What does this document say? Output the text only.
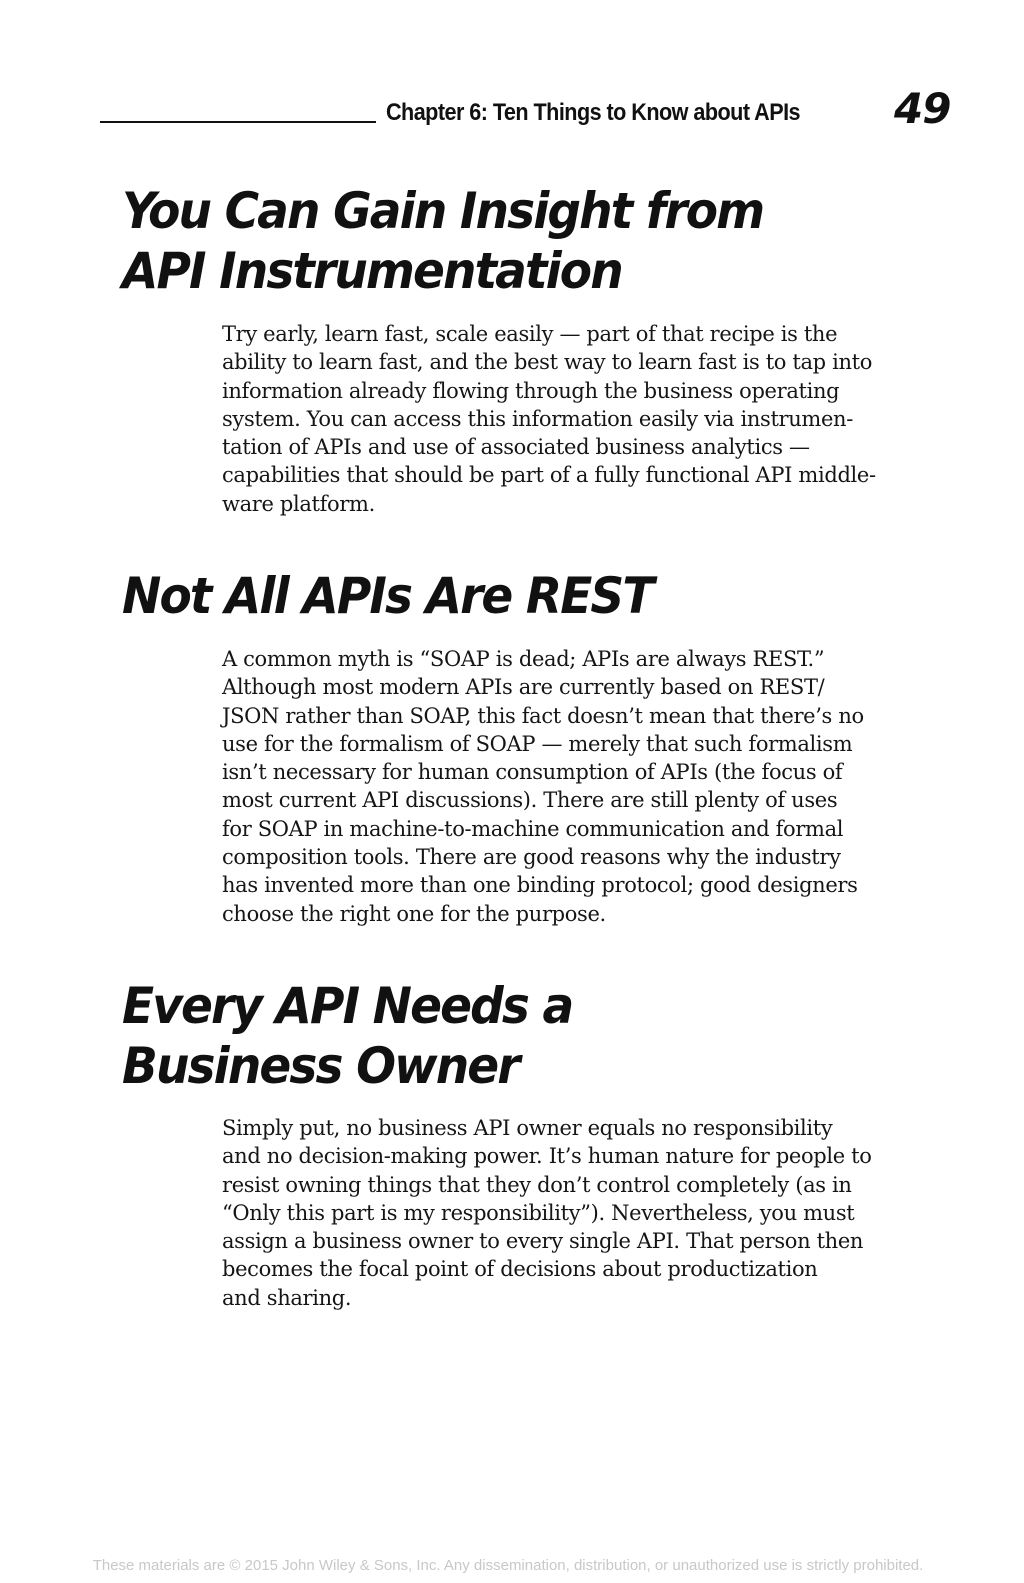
Chapter 6: Ten Things to Know about APIs 49
You Can Gain Insight from
API Instrumentation
Try early, learn fast, scale easily — part of that recipe is the
ability to learn fast, and the best way to learn fast is to tap into
information already flowing through the business operating
system. You can access this information easily via instrumen-
tation of APIs and use of associated business analytics —
capabilities that should be part of a fully functional API middle-
ware platform.
Not All APIs Are REST
A common myth is “SOAP is dead; APIs are always REST.”
Although most modern APIs are currently based on REST/
JSON rather than SOAP, this fact doesn’t mean that there’s no
use for the formalism of SOAP — merely that such formalism
isn’t necessary for human consumption of APIs (the focus of
most current API discussions). There are still plenty of uses
for SOAP in machine-to-machine communication and formal
composition tools. There are good reasons why the industry
has invented more than one binding protocol; good designers
choose the right one for the purpose.
Every API Needs a
Business Owner
Simply put, no business API owner equals no responsibility
and no decision-making power. It’s human nature for people to
resist owning things that they don’t control completely (as in
“Only this part is my responsibility”). Nevertheless, you must
assign a business owner to every single API. That person then
becomes the focal point of decisions about productization
and sharing.
These materials are © 2015 John Wiley & Sons, Inc. Any dissemination, distribution, or unauthorized use is strictly prohibited.
